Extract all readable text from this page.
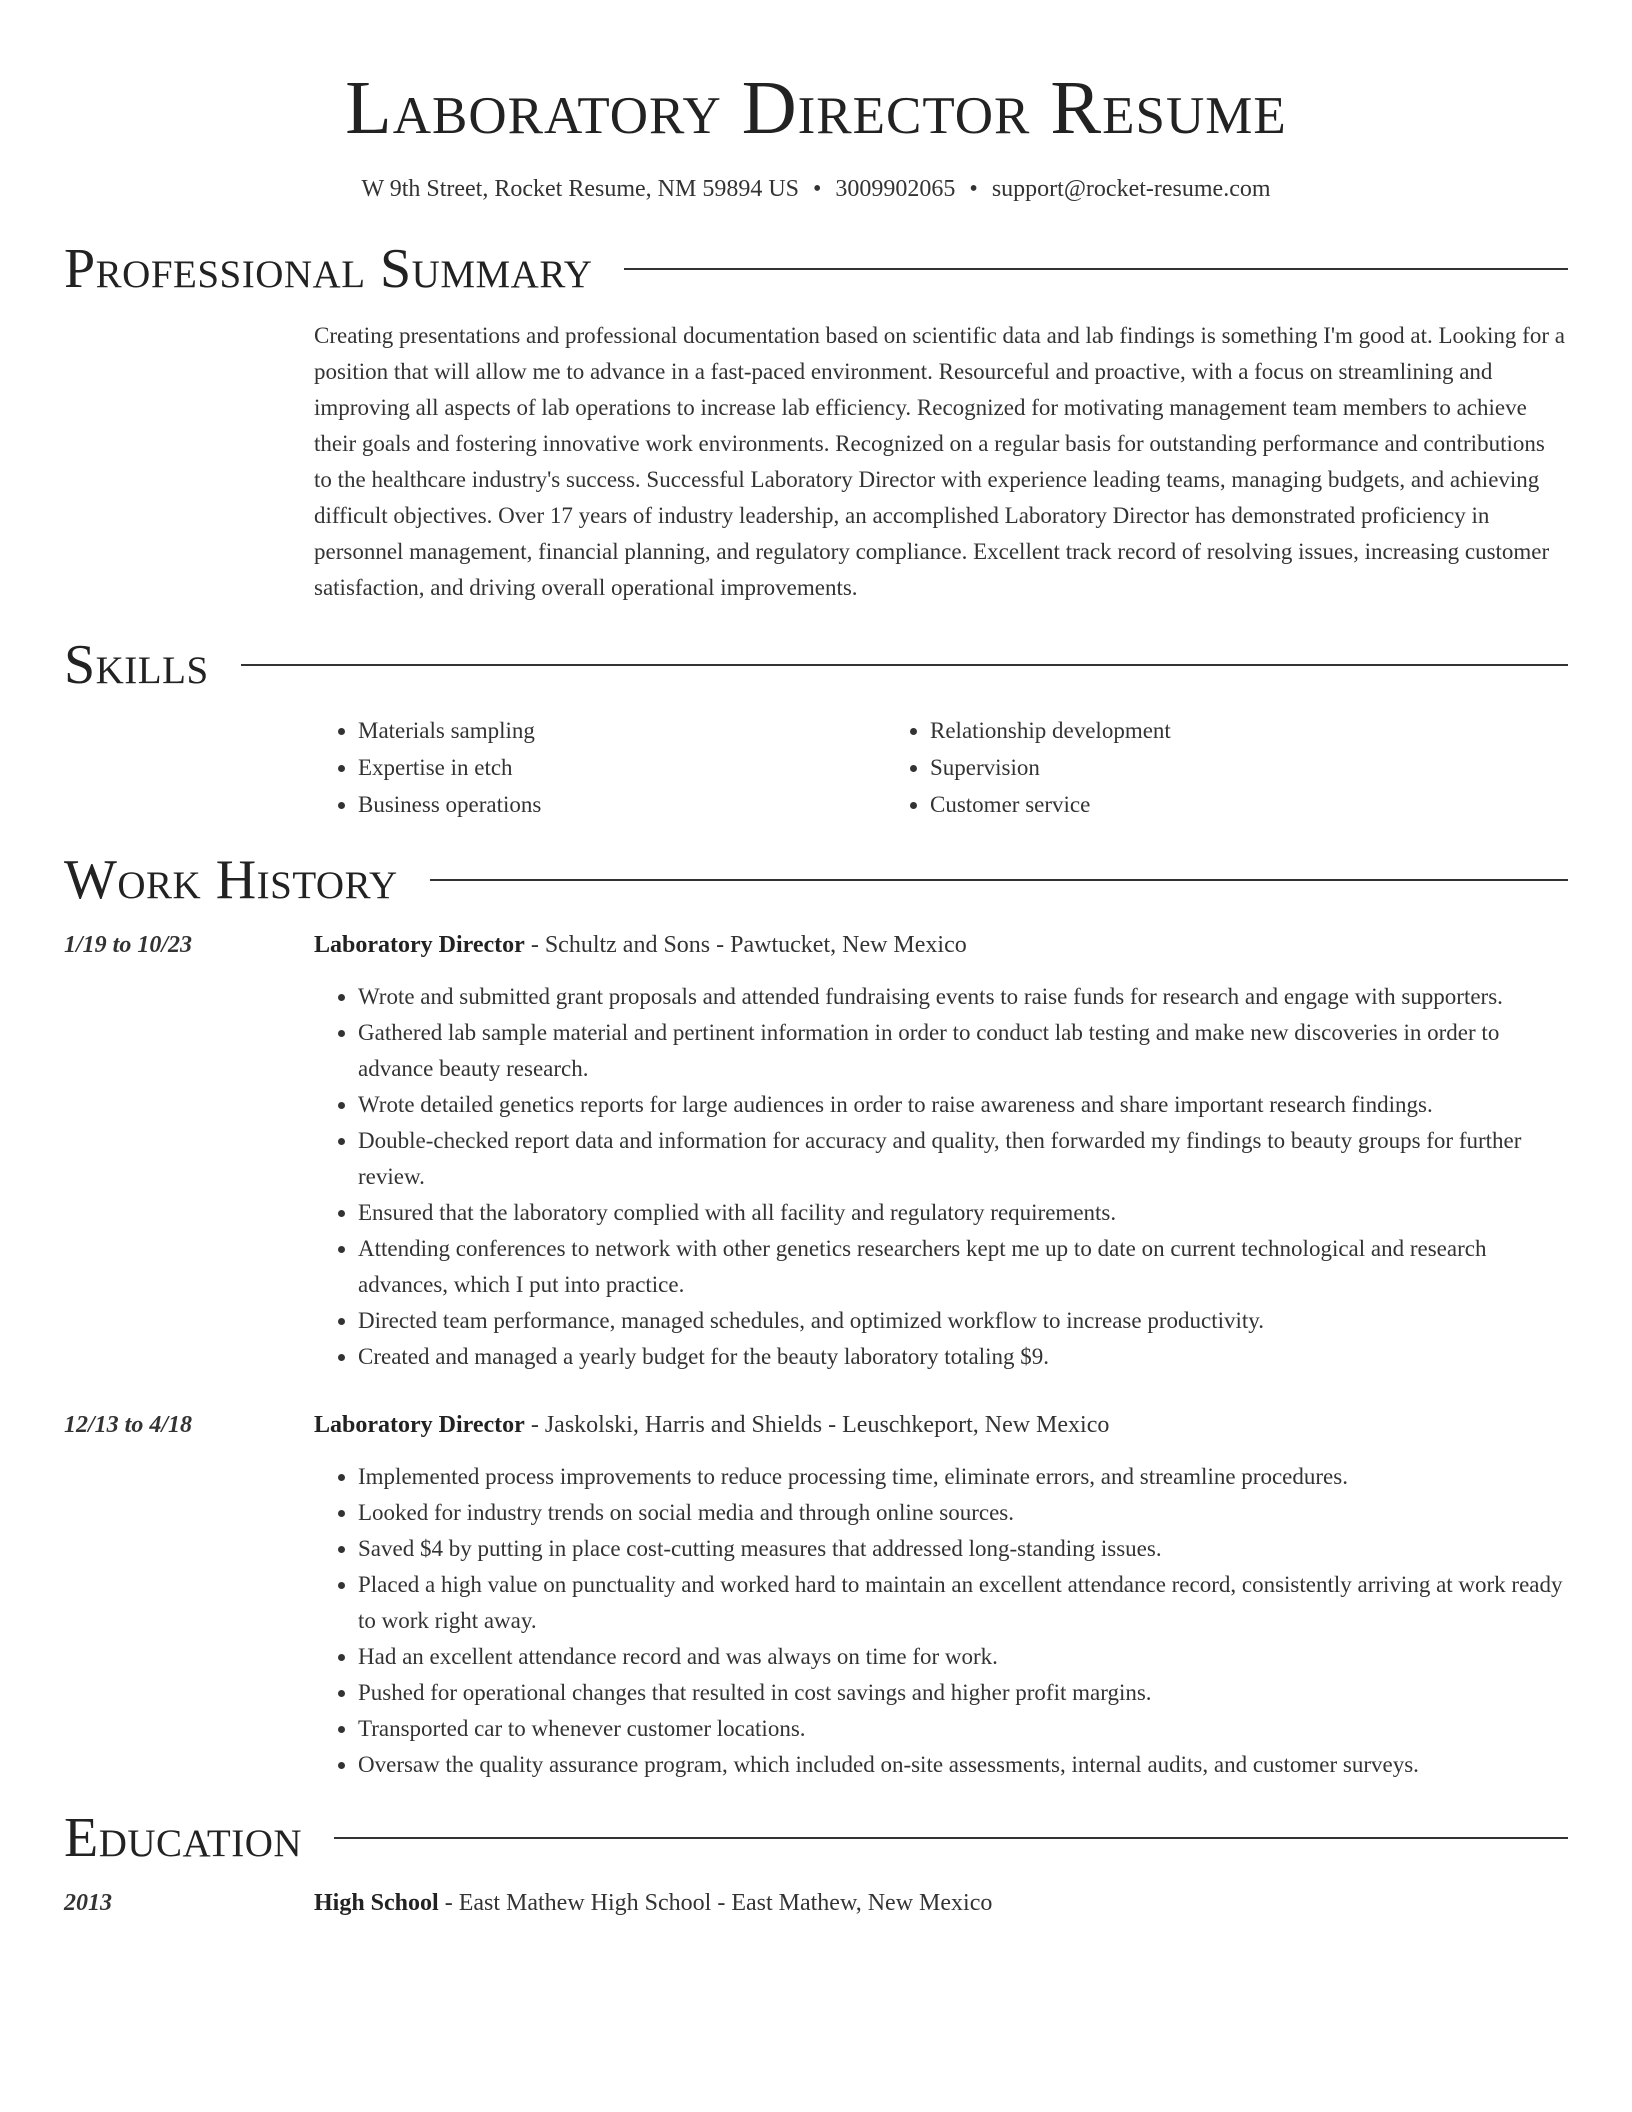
Laboratory Director Resume
W 9th Street, Rocket Resume, NM 59894 US • 3009902065 • support@rocket-resume.com
Professional Summary

Creating presentations and professional documentation based on scientific data and lab findings is something I'm good at. Looking for a position that will allow me to advance in a fast-paced environment. Resourceful and proactive, with a focus on streamlining and improving all aspects of lab operations to increase lab efficiency. Recognized for motivating management team members to achieve their goals and fostering innovative work environments. Recognized on a regular basis for outstanding performance and contributions to the healthcare industry's success. Successful Laboratory Director with experience leading teams, managing budgets, and achieving difficult objectives. Over 17 years of industry leadership, an accomplished Laboratory Director has demonstrated proficiency in personnel management, financial planning, and regulatory compliance. Excellent track record of resolving issues, increasing customer satisfaction, and driving overall operational improvements.

Skills
• Materials sampling
• Expertise in etch
• Business operations
• Relationship development
• Supervision
• Customer service
Work History
1/19 to 10/23	Laboratory Director - Schultz and Sons - Pawtucket, New Mexico
• Wrote and submitted grant proposals and attended fundraising events to raise funds for research and engage with supporters.
• Gathered lab sample material and pertinent information in order to conduct lab testing and make new discoveries in order to advance beauty research.
• Wrote detailed genetics reports for large audiences in order to raise awareness and share important research findings.
• Double-checked report data and information for accuracy and quality, then forwarded my findings to beauty groups for further review.
• Ensured that the laboratory complied with all facility and regulatory requirements.
• Attending conferences to network with other genetics researchers kept me up to date on current technological and research advances, which I put into practice.
• Directed team performance, managed schedules, and optimized workflow to increase productivity.
• Created and managed a yearly budget for the beauty laboratory totaling $9.
12/13 to 4/18	Laboratory Director - Jaskolski, Harris and Shields - Leuschkeport, New Mexico
• Implemented process improvements to reduce processing time, eliminate errors, and streamline procedures.
• Looked for industry trends on social media and through online sources.
• Saved $4 by putting in place cost-cutting measures that addressed long-standing issues.
• Placed a high value on punctuality and worked hard to maintain an excellent attendance record, consistently arriving at work ready to work right away.
• Had an excellent attendance record and was always on time for work.
• Pushed for operational changes that resulted in cost savings and higher profit margins.
• Transported car to whenever customer locations.
• Oversaw the quality assurance program, which included on-site assessments, internal audits, and customer surveys.
Education
2013	High School - East Mathew High School - East Mathew, New Mexico
